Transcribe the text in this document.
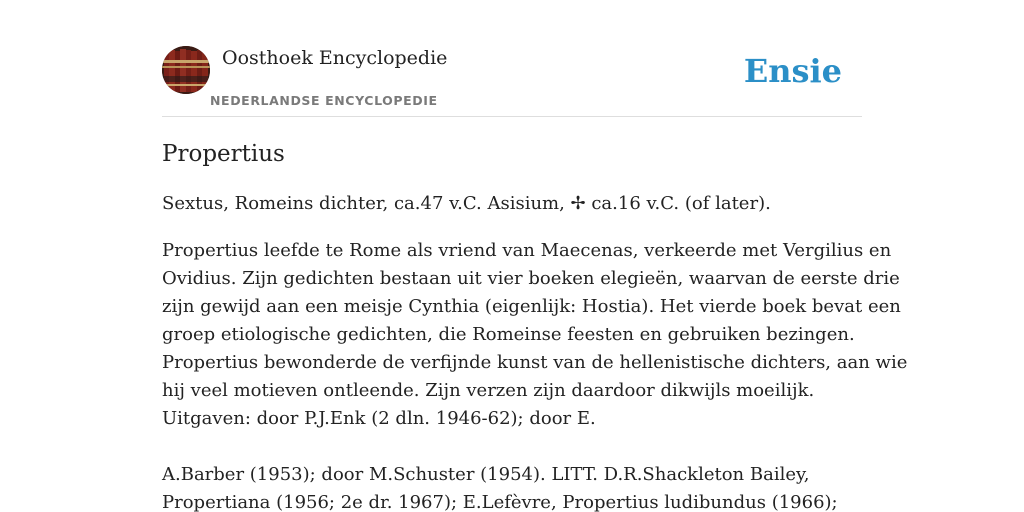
Oosthoek Encyclopedie
NEDERLANDSE ENCYCLOPEDIE
Ensie
Propertius

Sextus, Romeins dichter, ca.47 v.C. Asisium, ✢ ca.16 v.C. (of later).

Propertius leefde te Rome als vriend van Maecenas, verkeerde met Vergilius en
Ovidius. Zijn gedichten bestaan uit vier boeken elegieën, waarvan de eerste drie
zijn gewijd aan een meisje Cynthia (eigenlijk: Hostia). Het vierde boek bevat een
groep etiologische gedichten, die Romeinse feesten en gebruiken bezingen.
Propertius bewonderde de verfijnde kunst van de hellenistische dichters, aan wie
hij veel motieven ontleende. Zijn verzen zijn daardoor dikwijls moeilijk.
Uitgaven: door P.J.Enk (2 dln. 1946-62); door E.
A.Barber (1953); door M.Schuster (1954). LITT. D.R.Shackleton Bailey,
Propertiana (1956; 2e dr. 1967); E.Lefèvre, Propertius ludibundus (1966);
